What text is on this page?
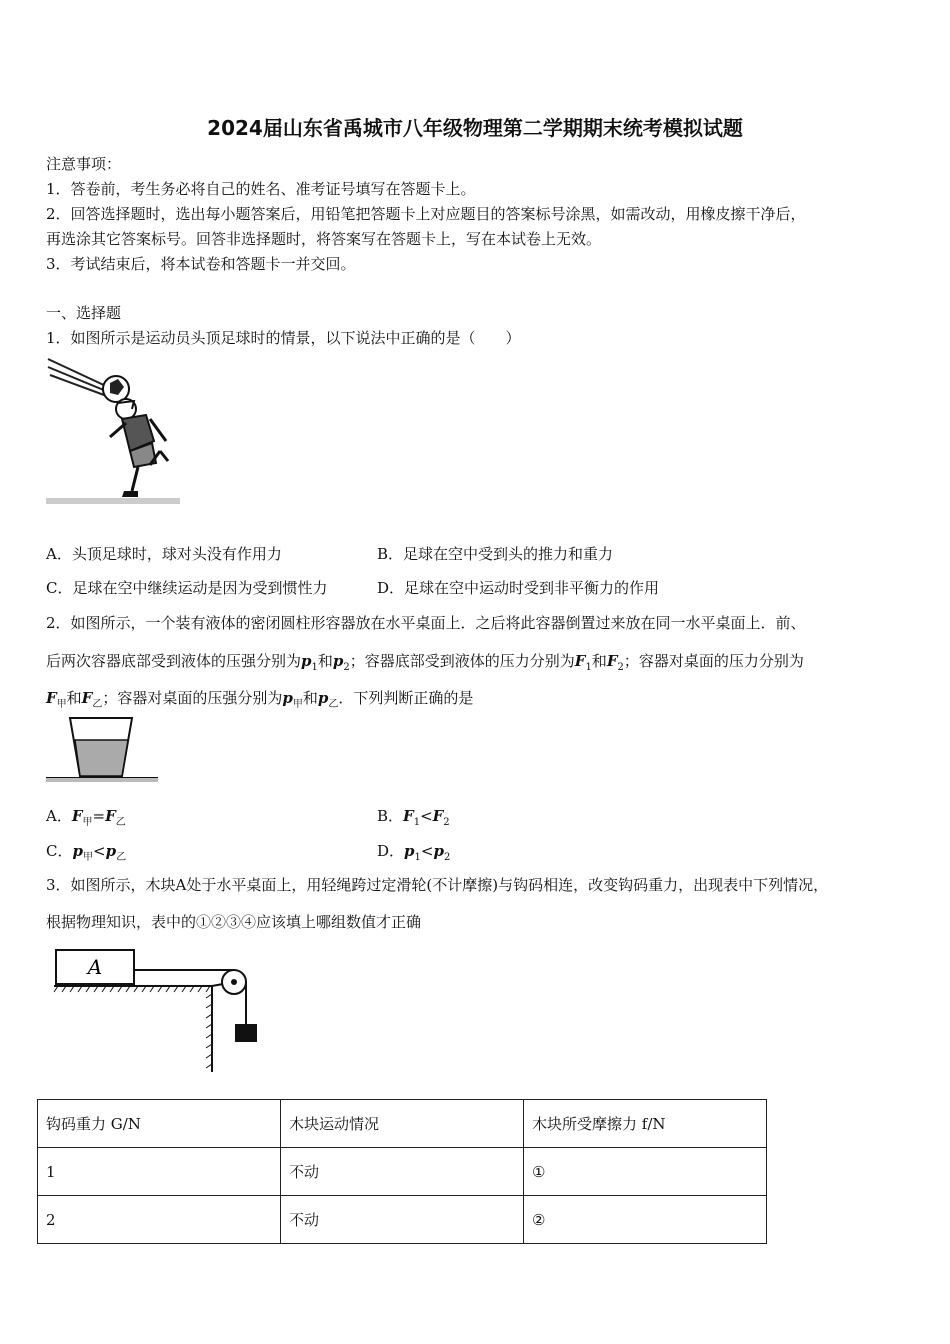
2024届山东省禹城市八年级物理第二学期期末统考模拟试题
注意事项：
1．答卷前，考生务必将自己的姓名、准考证号填写在答题卡上。
2．回答选择题时，选出每小题答案后，用铅笔把答题卡上对应题目的答案标号涂黑，如需改动，用橡皮擦干净后，
再选涂其它答案标号。回答非选择题时，将答案写在答题卡上，写在本试卷上无效。
3．考试结束后，将本试卷和答题卡一并交回。
一、选择题
1．如图所示是运动员头顶足球时的情景，以下说法中正确的是（　　）
A．头顶足球时，球对头没有作用力	B．足球在空中受到头的推力和重力
C．足球在空中继续运动是因为受到惯性力	D．足球在空中运动时受到非平衡力的作用
2．如图所示，一个装有液体的密闭圆柱形容器放在水平桌面上．之后将此容器倒置过来放在同一水平桌面上．前、
后两次容器底部受到液体的压强分别为$p_1$和$p_2$；容器底部受到液体的压力分别为$F_1$和$F_2$；容器对桌面的压力分别为
$F_甲$和$F_乙$；容器对桌面的压强分别为$p_甲$和$p_乙$．下列判断正确的是
A．$F_甲=F_乙$	B．$F_1<F_2$
C．$p_甲<p_乙$	D．$p_1<p_2$
3．如图所示，木块A处于水平桌面上，用轻绳跨过定滑轮(不计摩擦)与钩码相连，改变钩码重力，出现表中下列情况，
根据物理知识，表中的①②③④应该填上哪组数值才正确
A
钩码重力 G/N	木块运动情况	木块所受摩擦力 f/N
1	不动	①
2	不动	②
